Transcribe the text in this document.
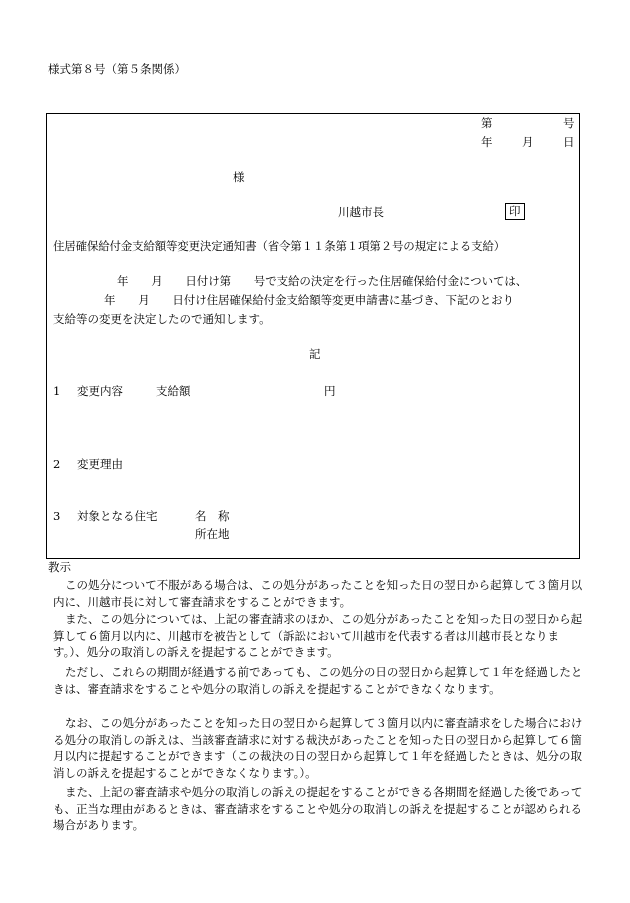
様式第８号（第５条関係）
第	号
年	月	日
様
川越市長	印
住居確保給付金支給額等変更決定通知書（省令第１１条第１項第２号の規定による支給）
年　　月　　日付け第　　号で支給の決定を行った住居確保給付金については、
年　　月　　日付け住居確保給付金支給額等変更申請書に基づき、下記のとおり
支給等の変更を決定したので通知します。
記
1 変更内容	支給額	円
2 変更理由
3 対象となる住宅	名　称
所在地
教示
この処分について不服がある場合は、この処分があったことを知った日の翌日から起算して３箇月以内に、川越市長に対して審査請求をすることができます。
また、この処分については、上記の審査請求のほか、この処分があったことを知った日の翌日から起算して６箇月以内に、川越市を被告として（訴訟において川越市を代表する者は川越市長となります。）、処分の取消しの訴えを提起することができます。
ただし、これらの期間が経過する前であっても、この処分の日の翌日から起算して１年を経過したときは、審査請求をすることや処分の取消しの訴えを提起することができなくなります。
なお、この処分があったことを知った日の翌日から起算して３箇月以内に審査請求をした場合における処分の取消しの訴えは、当該審査請求に対する裁決があったことを知った日の翌日から起算して６箇月以内に提起することができます（この裁決の日の翌日から起算して１年を経過したときは、処分の取消しの訴えを提起することができなくなります。）。
また、上記の審査請求や処分の取消しの訴えの提起をすることができる各期間を経過した後であっても、正当な理由があるときは、審査請求をすることや処分の取消しの訴えを提起することが認められる場合があります。
